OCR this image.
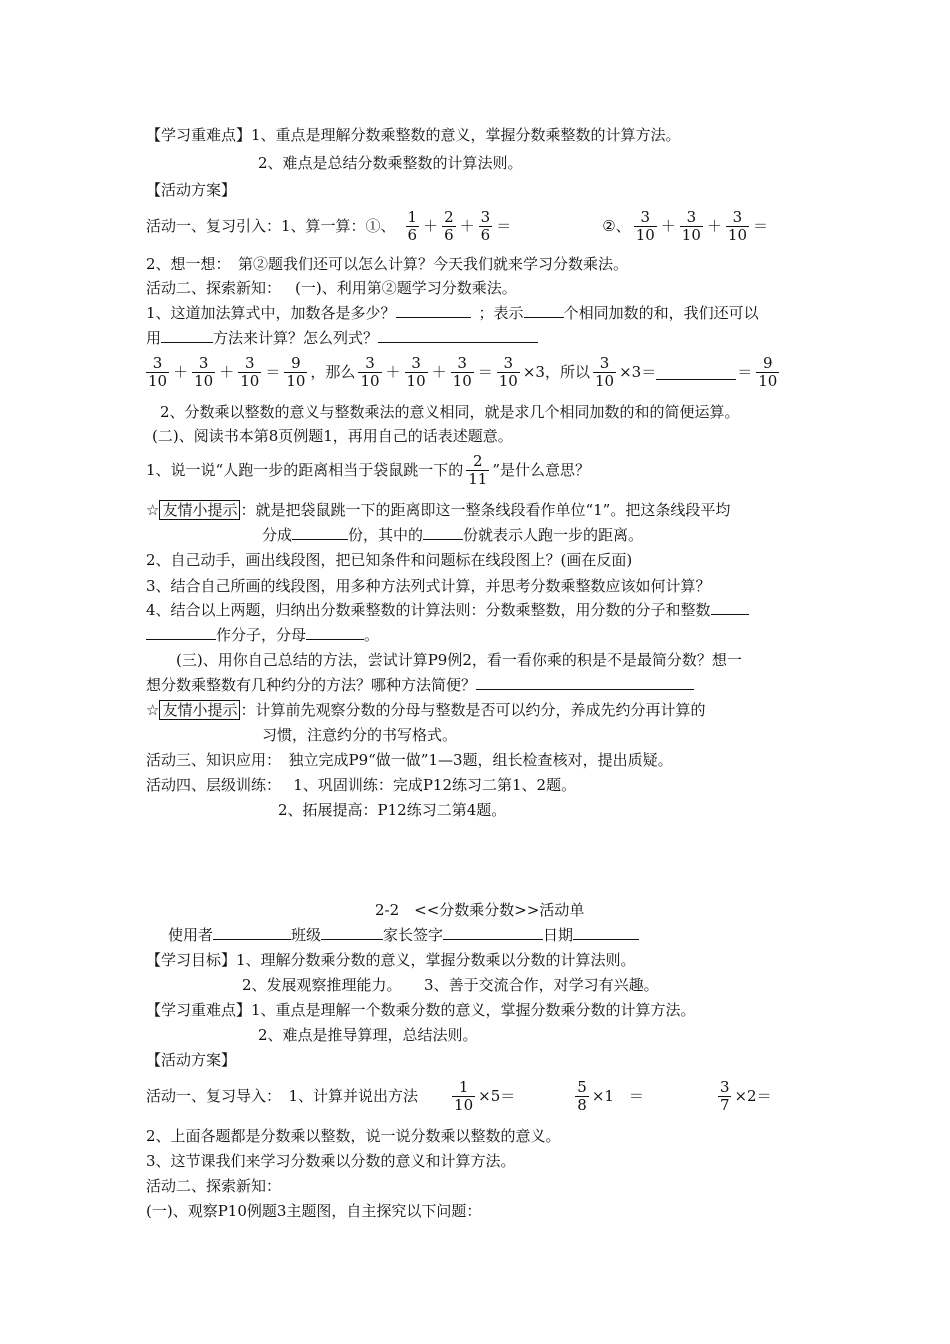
【学习重难点】1、重点是理解分数乘整数的意义，掌握分数乘整数的计算方法。
2、难点是总结分数乘整数的计算法则。
【活动方案】
活动一、复习引入：1、算一算：①、 $\frac{1}{6} + \frac{2}{6} + \frac{3}{6}$ ＝	②、 $\frac{3}{10} + \frac{3}{10} + \frac{3}{10}$ ＝
2、想一想：　第②题我们还可以怎么计算？今天我们就来学习分数乘法。
活动二、探索新知： (一)、利用第②题学习分数乘法。
1、这道加法算式中，加数各是多少？	；表示	个相同加数的和，我们还可以
用	方法来计算？怎么列式？
$\frac{3}{10} + \frac{3}{10} + \frac{3}{10} = \frac{9}{10}$ ，那么 $\frac{3}{10} + \frac{3}{10} + \frac{3}{10} = \frac{3}{10} \times 3$，所以 $\frac{3}{10} \times 3=$	＝ $\frac{9}{10}$
2、分数乘以整数的意义与整数乘法的意义相同，就是求几个相同加数的和的简便运算。
(二)、阅读书本第8页例题1，再用自己的话表述题意。
1、说一说“人跑一步的距离相当于袋鼠跳一下的 $\frac{2}{11}$ ”是什么意思？
☆ 友情小提示 ：就是把袋鼠跳一下的距离即这一整条线段看作单位“1”。把这条线段平均
分成	份，其中的	份就表示人跑一步的距离。
2、自己动手，画出线段图，把已知条件和问题标在线段图上？(画在反面)
3、结合自己所画的线段图，用多种方法列式计算，并思考分数乘整数应该如何计算？
4、结合以上两题，归纳出分数乘整数的计算法则：分数乘整数，用分数的分子和整数
作分子，分母	。
(三)、用你自己总结的方法，尝试计算P9例2，看一看你乘的积是不是最简分数？想一
想分数乘整数有几种约分的方法？哪种方法简便？
☆ 友情小提示 ：计算前先观察分数的分母与整数是否可以约分，养成先约分再计算的
习惯，注意约分的书写格式。
活动三、知识应用：　独立完成P9“做一做”1—3题，组长检查核对，提出质疑。
活动四、层级训练：　 1、巩固训练：完成P12练习二第1、2题。
2、拓展提高：P12练习二第4题。
2-2　<<分数乘分数>>活动单
使用者	班级	家长签字	日期
【学习目标】1、理解分数乘分数的意义，掌握分数乘以分数的计算法则。
2、发展观察推理能力。　　3、善于交流合作，对学习有兴趣。
【学习重难点】1、重点是理解一个数乘分数的意义，掌握分数乘分数的计算方法。
2、难点是推导算理，总结法则。
【活动方案】
活动一、复习导入：　1、计算并说出方法 $\frac{1}{10} \times 5=$	$\frac{5}{8} \times 1$　＝	$\frac{3}{7} \times 2=$
2、上面各题都是分数乘以整数，说一说分数乘以整数的意义。
3、这节课我们来学习分数乘以分数的意义和计算方法。
活动二、探索新知：
(一)、观察P10例题3主题图，自主探究以下问题：
